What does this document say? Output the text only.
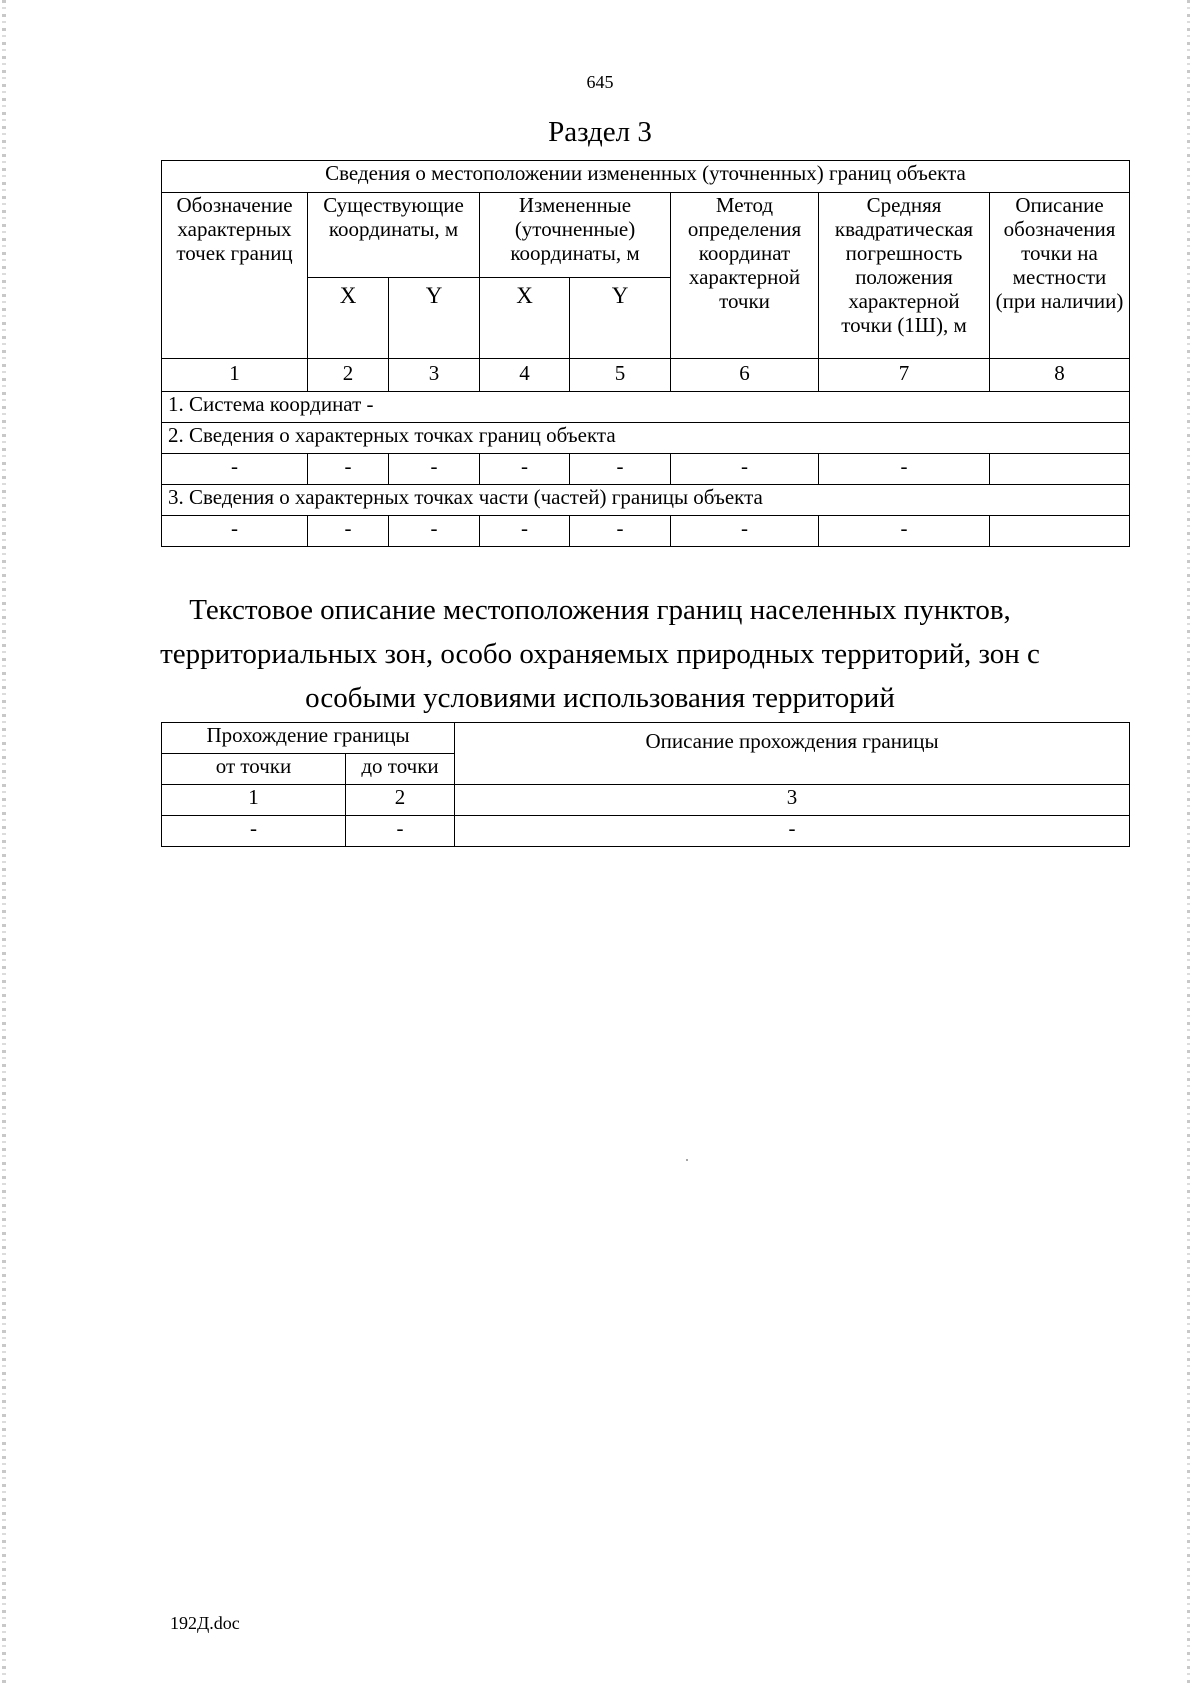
645
Раздел 3
Сведения о местоположении измененных (уточненных) границ объекта							
Обозначение характерных точек границ	Существующие координаты, м		Измененные (уточненные) координаты, м		Метод определения координат характерной точки	Средняя квадратическая погрешность положения характерной точки (1Ш), м	Описание обозначения точки на местности (при наличии)
	X	Y	X	Y			
1	2	3	4	5	6	7	8
1. Система координат -							
2. Сведения о характерных точках границ объекта							
-	-	-	-	-	-	-	
3. Сведения о характерных точках части (частей) границы объекта							
-	-	-	-	-	-	-	
Текстовое описание местоположения границ населенных пунктов, территориальных зон, особо охраняемых природных территорий, зон с особыми условиями использования территорий
Прохождение границы		Описание прохождения границы
от точки	до точки	
1	2	3
-	-	-
192Д.doc
